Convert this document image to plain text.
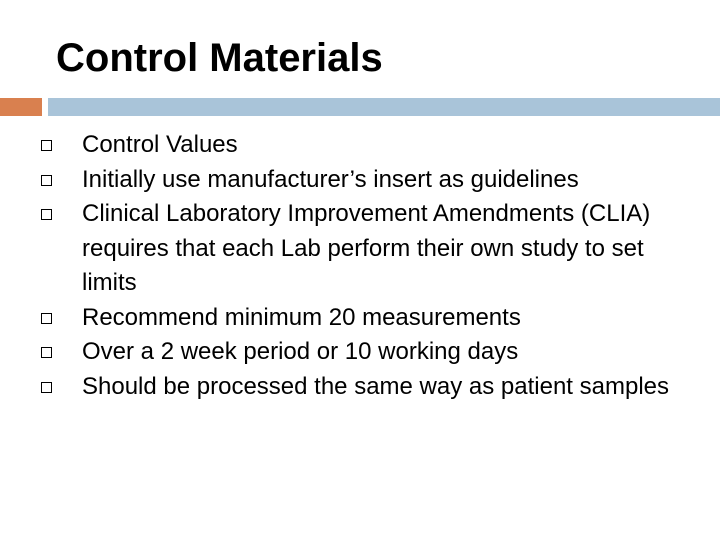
Control Materials
Control Values
Initially use manufacturer’s insert as guidelines
Clinical Laboratory Improvement Amendments (CLIA) requires that each Lab perform their own study to set limits
Recommend minimum 20 measurements
Over a 2 week period or 10 working days
Should be processed the same way as patient samples
